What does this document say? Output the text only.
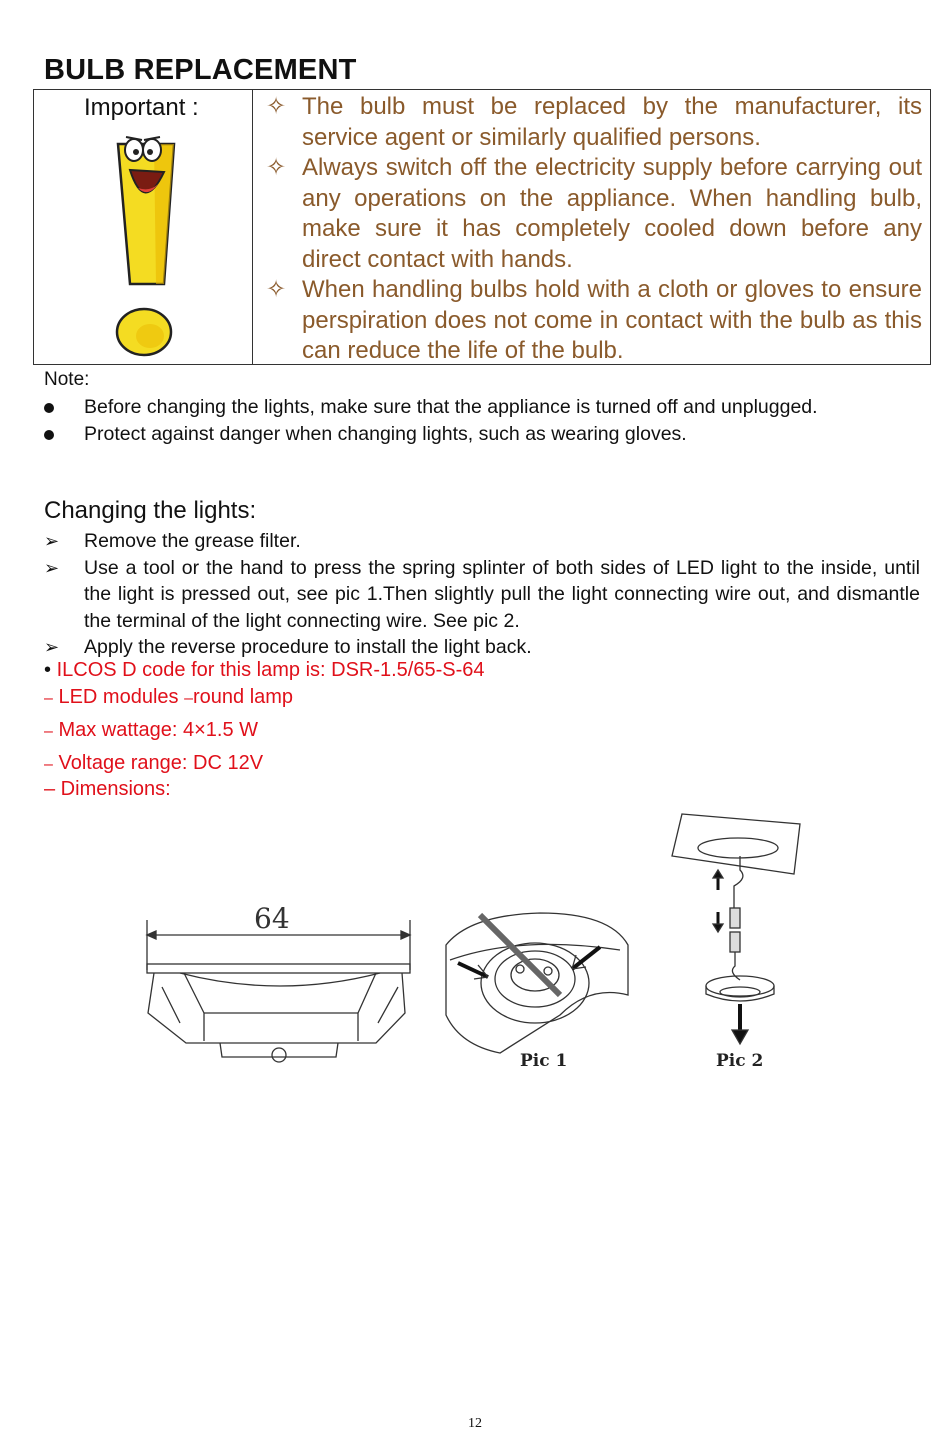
BULB REPLACEMENT
Important :	✧ The bulb must be replaced by the manufacturer, its service agent or similarly qualified persons.
✧ Always switch off the electricity supply before carrying out any operations on the appliance. When handling bulb, make sure it has completely cooled down before any direct contact with hands.
✧ When handling bulbs hold with a cloth or gloves to ensure perspiration does not come in contact with the bulb as this can reduce the life of the bulb.
Note:
Before changing the lights, make sure that the appliance is turned off and unplugged.
Protect against danger when changing lights, such as wearing gloves.
Changing the lights:
➢ Remove the grease filter.
➢ Use a tool or the hand to press the spring splinter of both sides of LED light to the inside, until the light is pressed out, see pic 1.Then slightly pull the light connecting wire out, and dismantle the terminal of the light connecting wire. See pic 2.
➢ Apply the reverse procedure to install the light back.
• ILCOS D code for this lamp is: DSR-1.5/65-S-64
– LED modules –round lamp
– Max wattage: 4×1.5 W
– Voltage range: DC 12V
– Dimensions:
64
Pic 1	Pic 2
12
